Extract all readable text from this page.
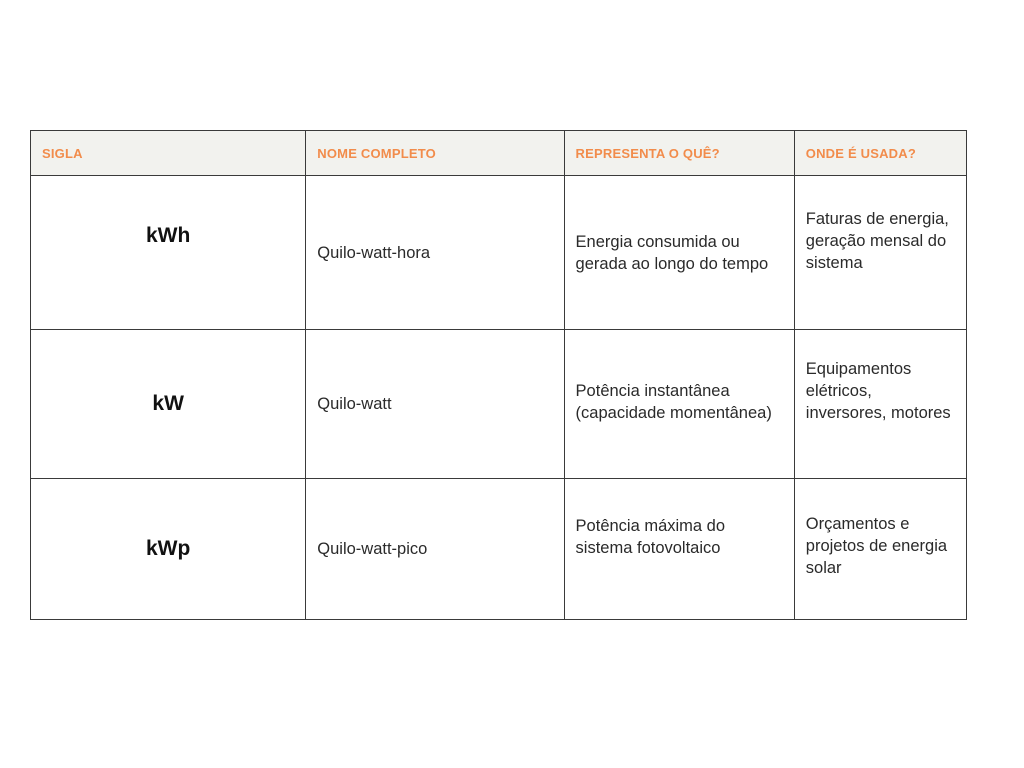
SIGLA	NOME COMPLETO	REPRESENTA O QUÊ?	ONDE É USADA?
kWh	Quilo-watt-hora	Energia consumida ou gerada ao longo do tempo	Faturas de energia, geração mensal do sistema

kW	Quilo-watt	Potência instantânea (capacidade momentânea)	Equipamentos elétricos, inversores, motores

kWp	Quilo-watt-pico	Potência máxima do sistema fotovoltaico	Orçamentos e projetos de energia solar
